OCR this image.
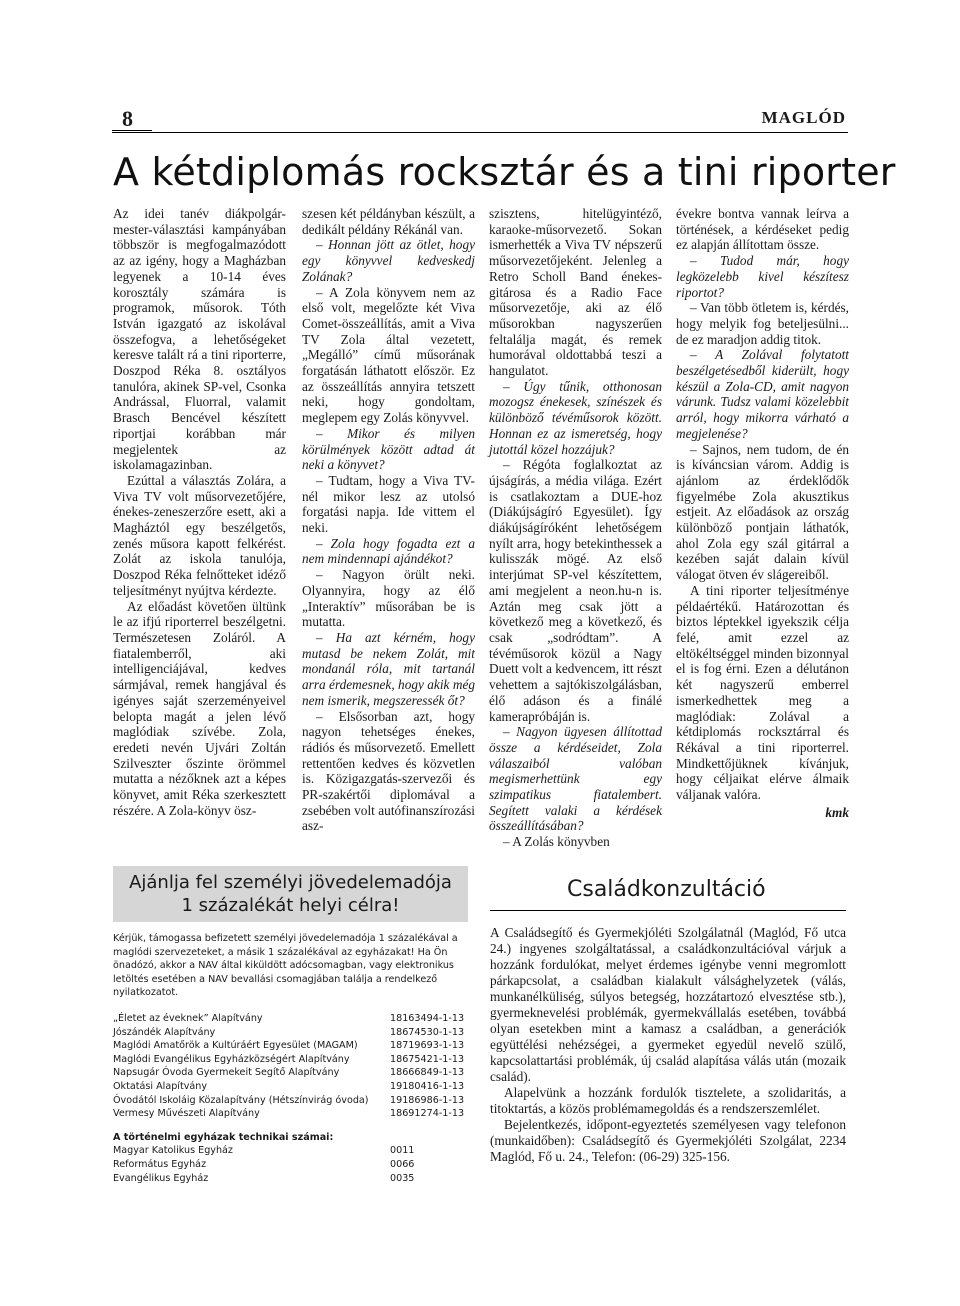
8	MAGLÓD
A kétdiplomás rocksztár és a tini riporter

Az idei tanév diákpolgár-mester-választási kampányában többször is megfogalmazódott az az igény, hogy a Magházban legyenek a 10-14 éves korosztály számára is programok, műsorok. Tóth István igazgató az iskolával összefogva, a lehetőségeket keresve talált rá a tini riporterre, Doszpod Réka 8. osztályos tanulóra, akinek SP-vel, Csonka Andrással, Fluorral, valamit Brasch Bencével készített riportjai korábban már megjelentek az iskolamagazinban.

Ezúttal a választás Zolára, a Viva TV volt műsorvezetőjére, énekes-zeneszerzőre esett, aki a Magháztól egy beszélgetős, zenés műsora kapott felkérést. Zolát az iskola tanulója, Doszpod Réka felnőtteket idéző teljesítményt nyújtva kérdezte.

Az előadást követően ültünk le az ifjú riporterrel beszélgetni. Természetesen Zoláról. A fiatalemberről, aki intelligenciájával, kedves sármjával, remek hangjával és igényes saját szerzeményeivel belopta magát a jelen lévő maglódiak szívébe. Zola, eredeti nevén Ujvári Zoltán Szilveszter őszinte örömmel mutatta a nézőknek azt a képes könyvet, amit Réka szerkesztett részére. A Zola-könyv ösz-

szesen két példányban készült, a dedikált példány Rékánál van.

– Honnan jött az ötlet, hogy egy könyvvel kedveskedj Zolának?

– A Zola könyvem nem az első volt, megelőzte két Viva Comet-összeállítás, amit a Viva TV Zola által vezetett, „Megálló” című műsorának forgatásán láthatott először. Ez az összeállítás annyira tetszett neki, hogy gondoltam, meglepem egy Zolás könyvvel.

– Mikor és milyen körülmények között adtad át neki a könyvet?

– Tudtam, hogy a Viva TV-nél mikor lesz az utolsó forgatási napja. Ide vittem el neki.

– Zola hogy fogadta ezt a nem mindennapi ajándékot?

– Nagyon örült neki. Olyannyira, hogy az élő „Interaktív” műsorában be is mutatta.

– Ha azt kérném, hogy mutasd be nekem Zolát, mit mondanál róla, mit tartanál arra érdemesnek, hogy akik még nem ismerik, megszeressék őt?

– Elsősorban azt, hogy nagyon tehetséges énekes, rádiós és műsorvezető. Emellett rettentően kedves és közvetlen is. Közigazgatás-szervezői és PR-szakértői diplomával a zsebében volt autófinanszírozási asz-

szisztens, hitelügyintéző, karaoke-műsorvezető. Sokan ismerhették a Viva TV népszerű műsorvezetőjeként. Jelenleg a Retro Scholl Band énekes-gitárosa és a Radio Face műsorvezetője, aki az élő műsorokban nagyszerűen feltalálja magát, és remek humorával oldottabbá teszi a hangulatot.

– Úgy tűnik, otthonosan mozogsz énekesek, színészek és különböző tévéműsorok között. Honnan ez az ismeretség, hogy jutottál közel hozzájuk?

– Régóta foglalkoztat az újságírás, a média világa. Ezért is csatlakoztam a DUE-hoz (Diákújságíró Egyesület). Így diákújságíróként lehetőségem nyílt arra, hogy betekinthessek a kulisszák mögé. Az első interjúmat SP-vel készítettem, ami megjelent a neon.hu-n is. Aztán meg csak jött a következő meg a következő, és csak „sodródtam”. A tévéműsorok közül a Nagy Duett volt a kedvencem, itt részt vehettem a sajtókiszolgálásban, élő adáson és a finálé kamerapróbáján is.

– Nagyon ügyesen állítottad össze a kérdéseidet, Zola válaszaiból valóban megismerhettünk egy szimpatikus fiatalembert. Segített valaki a kérdések összeállításában?

– A Zolás könyvben

évekre bontva vannak leírva a történések, a kérdéseket pedig ez alapján állítottam össze.

– Tudod már, hogy legközelebb kivel készítesz riportot?

– Van több ötletem is, kérdés, hogy melyik fog beteljesülni... de ez maradjon addig titok.

– A Zolával folytatott beszélgetésedből kiderült, hogy készül a Zola-CD, amit nagyon várunk. Tudsz valami közelebbit arról, hogy mikorra várható a megjelenése?

– Sajnos, nem tudom, de én is kíváncsian várom. Addig is ajánlom az érdeklődők figyelmébe Zola akusztikus estjeit. Az előadások az ország különböző pontjain láthatók, ahol Zola egy szál gitárral a kezében saját dalain kívül válogat ötven év slágereiből.

A tini riporter teljesítménye példaértékű. Határozottan és biztos léptekkel igyekszik célja felé, amit ezzel az eltökéltséggel minden bizonnyal el is fog érni. Ezen a délutánon két nagyszerű emberrel ismerkedhettek meg a maglódiak: Zolával a kétdiplomás rocksztárral és Rékával a tini riporterrel. Mindkettőjüknek kívánjuk, hogy céljaikat elérve álmaik váljanak valóra.

kmk
Ajánlja fel személyi jövedelemadója
1 százalékát helyi célra!

Kérjük, támogassa befizetett személyi jövedelemadója 1 százalékával a maglódi szervezeteket, a másik 1 százalékával az egyházakat! Ha Ön önadózó, akkor a NAV által kiküldött adócsomagban, vagy elektronikus letöltés esetében a NAV bevallási csomagjában találja a rendelkező nyilatkozatot.

„Életet az éveknek” Alapítvány	18163494-1-13
Jószándék Alapítvány	18674530-1-13
Maglódi Amatőrök a Kultúráért Egyesület (MAGAM)	18719693-1-13
Maglódi Evangélikus Egyházközségért Alapítvány	18675421-1-13
Napsugár Óvoda Gyermekeit Segítő Alapítvány	18666849-1-13
Oktatási Alapítvány	19180416-1-13
Óvodától Iskoláig Közalapítvány (Hétszínvirág óvoda) 19186986-1-13
Vermesy Művészeti Alapítvány	18691274-1-13
A történelmi egyházak technikai számai:
Magyar Katolikus Egyház	0011
Református Egyház	0066
Evangélikus Egyház	0035
Családkonzultáció

A Családsegítő és Gyermekjóléti Szolgálatnál (Maglód, Fő utca 24.) ingyenes szolgáltatással, a családkonzultációval várjuk a hozzánk fordulókat, melyet érdemes igénybe venni megromlott párkapcsolat, a családban kialakult válsághelyzetek (válás, munkanélküliség, súlyos betegség, hozzátartozó elvesztése stb.), gyermeknevelési problémák, gyermekvállalás esetében, továbbá olyan esetekben mint a kamasz a családban, a generációk együttélési nehézségei, a gyermeket egyedül nevelő szülő, kapcsolattartási problémák, új család alapítása válás után (mozaik család).

Alapelvünk a hozzánk fordulók tisztelete, a szolidaritás, a titoktartás, a közös problémamegoldás és a rendszerszemlélet.

Bejelentkezés, időpont-egyeztetés személyesen vagy telefonon (munkaidőben): Családsegítő és Gyermekjóléti Szolgálat, 2234 Maglód, Fő u. 24., Telefon: (06-29) 325-156.
